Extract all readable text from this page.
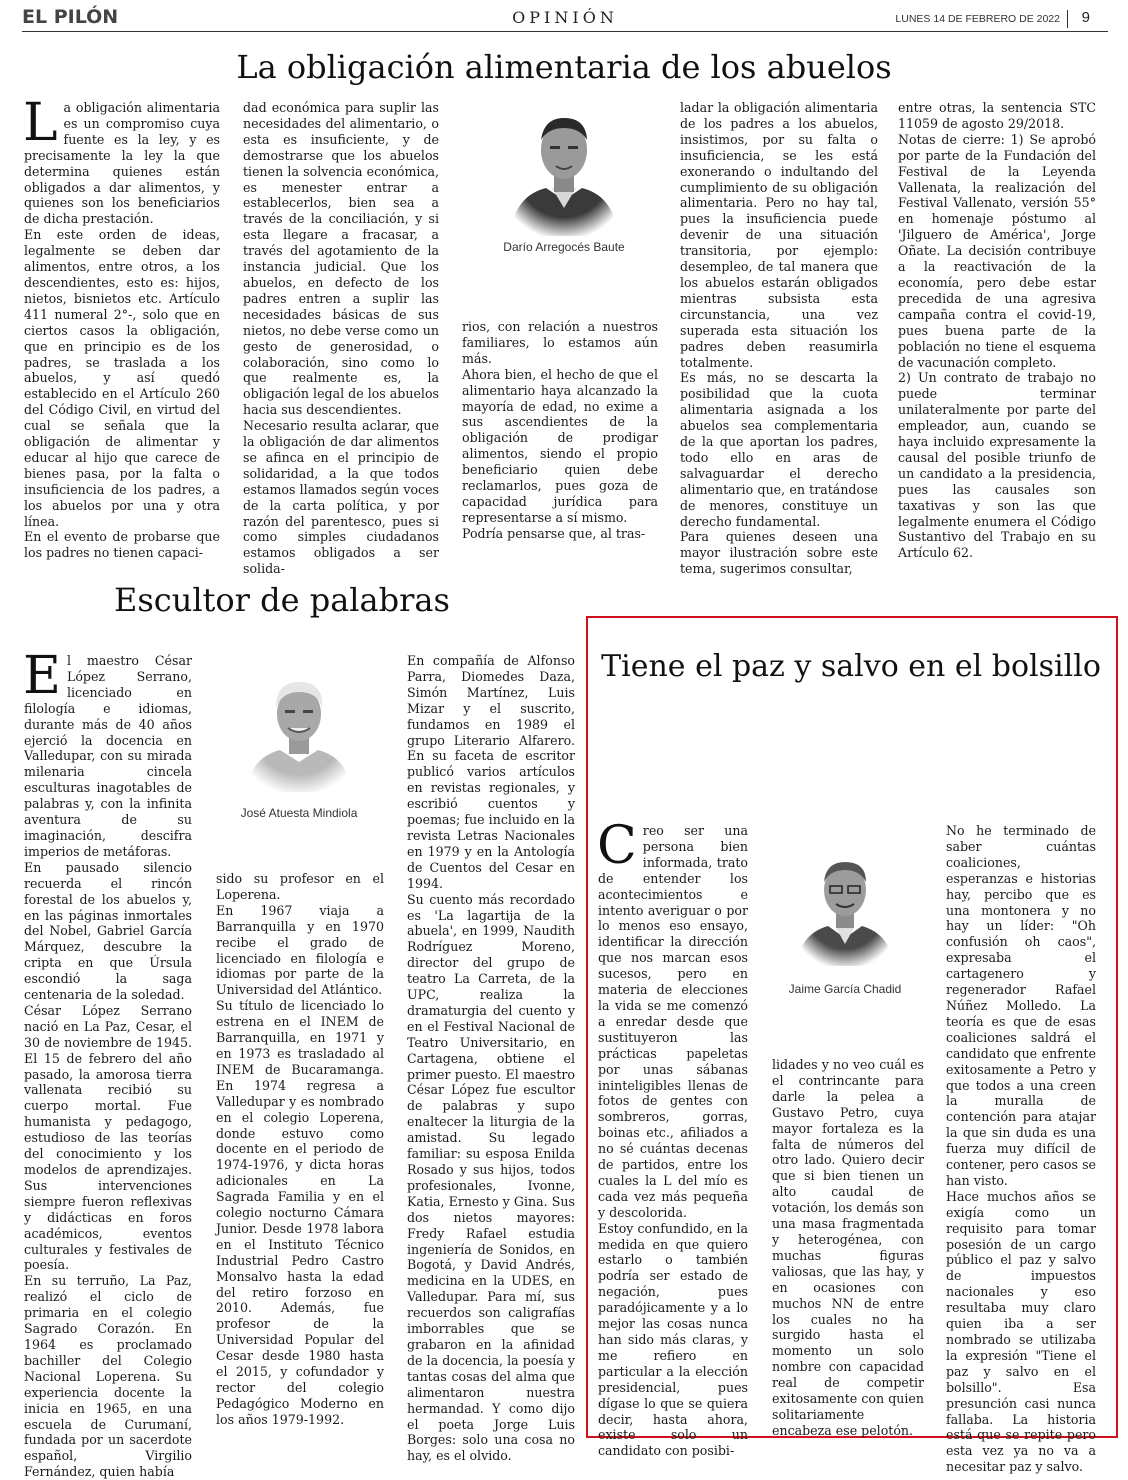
EL PILÓN	OPINIÓN	LUNES 14 DE FEBRERO DE 2022 9
La obligación alimentaria de los abuelos

La obligación alimentaria es un compromiso cuya fuente es la ley, y es precisamente la ley la que determina quienes están obligados a dar alimentos, y quienes son los beneficiarios de dicha prestación.

En este orden de ideas, legalmente se deben dar alimentos, entre otros, a los descendientes, esto es: hijos, nietos, bisnietos etc. Artículo 411 numeral 2°-, solo que en ciertos casos la obligación, que en principio es de los padres, se traslada a los abuelos, y así quedó establecido en el Artículo 260 del Código Civil, en virtud del cual se señala que la obligación de alimentar y educar al hijo que carece de bienes pasa, por la falta o insuficiencia de los padres, a los abuelos por una y otra línea.

En el evento de probarse que los padres no tienen capaci-

dad económica para suplir las necesidades del alimentario, o esta es insuficiente, y de demostrarse que los abuelos tienen la solvencia económica, es menester entrar a establecerlos, bien sea a través de la conciliación, y si esta llegare a fracasar, a través del agotamiento de la instancia judicial. Que los abuelos, en defecto de los padres entren a suplir las necesidades básicas de sus nietos, no debe verse como un gesto de generosidad, o colaboración, sino como lo que realmente es, la obligación legal de los abuelos hacia sus descendientes.

Necesario resulta aclarar, que la obligación de dar alimentos se afinca en el principio de solidaridad, a la que todos estamos llamados según voces de la carta política, y por razón del parentesco, pues si como simples ciudadanos estamos obligados a ser solida-

Darío Arregocés Baute

rios, con relación a nuestros familiares, lo estamos aún más.

Ahora bien, el hecho de que el alimentario haya alcanzado la mayoría de edad, no exime a sus ascendientes de la obligación de prodigar alimentos, siendo el propio beneficiario quien debe reclamarlos, pues goza de capacidad jurídica para representarse a sí mismo.

Podría pensarse que, al tras-

ladar la obligación alimentaria de los padres a los abuelos, insistimos, por su falta o insuficiencia, se les está exonerando o indultando del cumplimiento de su obligación alimentaria. Pero no hay tal, pues la insuficiencia puede devenir de una situación transitoria, por ejemplo: desempleo, de tal manera que los abuelos estarán obligados mientras subsista esta circunstancia, una vez superada esta situación los padres deben reasumirla totalmente.

Es más, no se descarta la posibilidad que la cuota alimentaria asignada a los abuelos sea complementaria de la que aportan los padres, todo ello en aras de salvaguardar el derecho alimentario que, en tratándose de menores, constituye un derecho fundamental.

Para quienes deseen una mayor ilustración sobre este tema, sugerimos consultar,

entre otras, la sentencia STC 11059 de agosto 29/2018.

Notas de cierre: 1) Se aprobó por parte de la Fundación del Festival de la Leyenda Vallenata, la realización del Festival Vallenato, versión 55° en homenaje póstumo al 'Jilguero de América', Jorge Oñate. La decisión contribuye a la reactivación de la economía, pero debe estar precedida de una agresiva campaña contra el covid-19, pues buena parte de la población no tiene el esquema de vacunación completo.

2) Un contrato de trabajo no puede terminar unilateralmente por parte del empleador, aun, cuando se haya incluido expresamente la causal del posible triunfo de un candidato a la presidencia, pues las causales son taxativas y son las que legalmente enumera el Código Sustantivo del Trabajo en su Artículo 62.

Escultor de palabras

El maestro César López Serrano, licenciado en filología e idiomas, durante más de 40 años ejerció la docencia en Valledupar, con su mirada milenaria cincela esculturas inagotables de palabras y, con la infinita aventura de su imaginación, descifra imperios de metáforas.

En pausado silencio recuerda el rincón forestal de los abuelos y, en las páginas inmortales del Nobel, Gabriel García Márquez, descubre la cripta en que Úrsula escondió la saga centenaria de la soledad.

César López Serrano nació en La Paz, Cesar, el 30 de noviembre de 1945. El 15 de febrero del año pasado, la amorosa tierra vallenata recibió su cuerpo mortal. Fue humanista y pedagogo, estudioso de las teorías del conocimiento y los modelos de aprendizajes. Sus intervenciones siempre fueron reflexivas y didácticas en foros académicos, eventos culturales y festivales de poesía.

En su terruño, La Paz, realizó el ciclo de primaria en el colegio Sagrado Corazón. En 1964 es proclamado bachiller del Colegio Nacional Loperena. Su experiencia docente la inicia en 1965, en una escuela de Curumaní, fundada por un sacerdote español, Virgilio Fernández, quien había

José Atuesta Mindiola

sido su profesor en el Loperena.

En 1967 viaja a Barranquilla y en 1970 recibe el grado de licenciado en filología e idiomas por parte de la Universidad del Atlántico.

Su título de licenciado lo estrena en el INEM de Barranquilla, en 1971 y en 1973 es trasladado al INEM de Bucaramanga. En 1974 regresa a Valledupar y es nombrado en el colegio Loperena, donde estuvo como docente en el periodo de 1974-1976, y dicta horas adicionales en La Sagrada Familia y en el colegio nocturno Cámara Junior. Desde 1978 labora en el Instituto Técnico Industrial Pedro Castro Monsalvo hasta la edad del retiro forzoso en 2010. Además, fue profesor de la Universidad Popular del Cesar desde 1980 hasta el 2015, y cofundador y rector del colegio Pedagógico Moderno en los años 1979-1992.

En compañía de Alfonso Parra, Diomedes Daza, Simón Martínez, Luis Mizar y el suscrito, fundamos en 1989 el grupo Literario Alfarero. En su faceta de escritor publicó varios artículos en revistas regionales, y escribió cuentos y poemas; fue incluido en la revista Letras Nacionales en 1979 y en la Antología de Cuentos del Cesar en 1994.

Su cuento más recordado es 'La lagartija de la abuela', en 1999, Naudith Rodríguez Moreno, director del grupo de teatro La Carreta, de la UPC, realiza la dramaturgia del cuento y en el Festival Nacional de Teatro Universitario, en Cartagena, obtiene el primer puesto. El maestro César López fue escultor de palabras y supo enaltecer la liturgia de la amistad. Su legado familiar: su esposa Enilda Rosado y sus hijos, todos profesionales, Ivonne, Katia, Ernesto y Gina. Sus dos nietos mayores: Fredy Rafael estudia ingeniería de Sonidos, en Bogotá, y David Andrés, medicina en la UDES, en Valledupar. Para mí, sus recuerdos son caligrafías imborrables que se grabaron en la afinidad de la docencia, la poesía y tantas cosas del alma que alimentaron nuestra hermandad. Y como dijo el poeta Jorge Luis Borges: solo una cosa no hay, es el olvido.

Tiene el paz y salvo en el bolsillo

Creo ser una persona bien informada, trato de entender los acontecimientos e intento averiguar o por lo menos eso ensayo, identificar la dirección que nos marcan esos sucesos, pero en materia de elecciones la vida se me comenzó a enredar desde que sustituyeron las prácticas papeletas por unas sábanas ininteligibles llenas de fotos de gentes con sombreros, gorras, boinas etc., afiliados a no sé cuántas decenas de partidos, entre los cuales la L del mío es cada vez más pequeña y descolorida.

Estoy confundido, en la medida en que quiero estarlo o también podría ser estado de negación, pues paradójicamente y a lo mejor las cosas nunca han sido más claras, y me refiero en particular a la elección presidencial, pues dígase lo que se quiera decir, hasta ahora, existe solo un candidato con posibi-

Jaime García Chadid

lidades y no veo cuál es el contrincante para darle la pelea a Gustavo Petro, cuya mayor fortaleza es la falta de números del otro lado. Quiero decir que si bien tienen un alto caudal de votación, los demás son una masa fragmentada y heterogénea, con muchas figuras valiosas, que las hay, y en ocasiones con muchos NN de entre los cuales no ha surgido hasta el momento un solo nombre con capacidad real de competir exitosamente con quien solitariamente encabeza ese pelotón.

No he terminado de saber cuántas coaliciones, esperanzas e historias hay, percibo que es una montonera y no hay un líder: "Oh confusión oh caos", expresaba el cartagenero y regenerador Rafael Núñez Molledo. La teoría es que de esas coaliciones saldrá el candidato que enfrente exitosamente a Petro y que todos a una creen la muralla de contención para atajar la que sin duda es una fuerza muy difícil de contener, pero casos se han visto.

Hace muchos años se exigía como un requisito para tomar posesión de un cargo público el paz y salvo de impuestos nacionales y eso resultaba muy claro quien iba a ser nombrado se utilizaba la expresión "Tiene el paz y salvo en el bolsillo". Esa presunción casi nunca fallaba. La historia está que se repite pero esta vez ya no va a necesitar paz y salvo.
